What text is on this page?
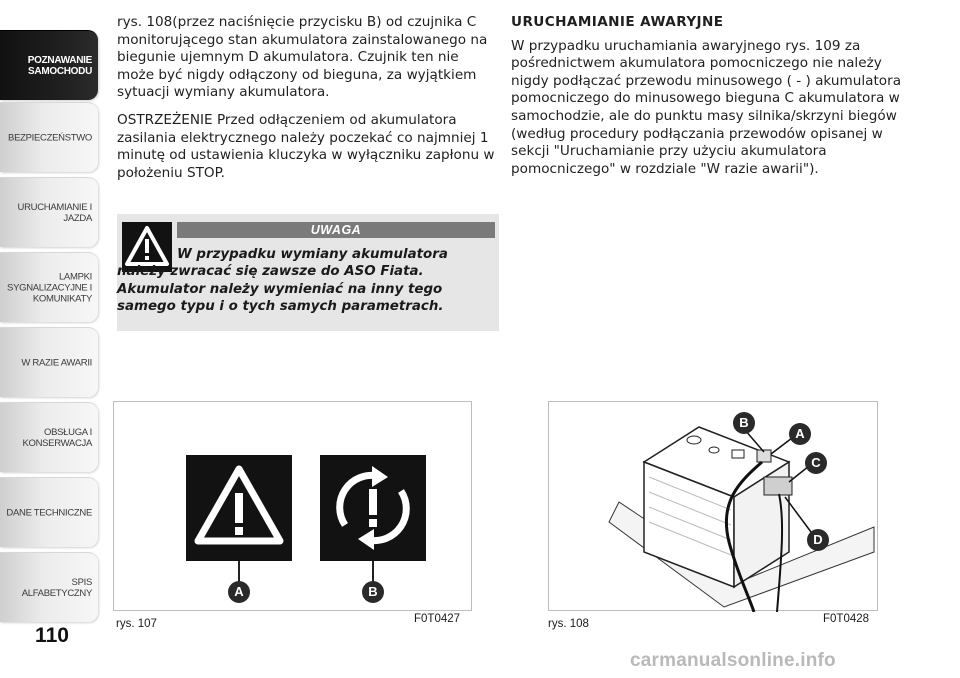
POZNAWANIE SAMOCHODU
BEZPIECZEŃSTWO
URUCHAMIANIE I JAZDA
LAMPKI SYGNALIZACYJNE I KOMUNIKATY
W RAZIE AWARII
OBSŁUGA I KONSERWACJA
DANE TECHNICZNE
SPIS ALFABETYCZNY
110

rys. 108(przez naciśnięcie przycisku B) od czujnika C monitorującego stan akumulatora zainstalowanego na biegunie ujemnym D akumulatora. Czujnik ten nie może być nigdy odłączony od bieguna, za wyjątkiem sytuacji wymiany akumulatora.

OSTRZEŻENIE Przed odłączeniem od akumulatora zasilania elektrycznego należy poczekać co najmniej 1 minutę od ustawienia kluczyka w wyłączniku zapłonu w położeniu STOP.

UWAGA
W przypadku wymiany akumulatora należy zwracać się zawsze do ASO Fiata. Akumulator należy wymieniać na inny tego samego typu i o tych samych parametrach.
URUCHAMIANIE AWARYJNE

W przypadku uruchamiania awaryjnego rys. 109 za pośrednictwem akumulatora pomocniczego nie należy nigdy podłączać przewodu minusowego ( - ) akumulatora pomocniczego do minusowego bieguna C akumulatora w samochodzie, ale do punktu masy silnika/skrzyni biegów (według procedury podłączania przewodów opisanej w sekcji "Uruchamianie przy użyciu akumulatora pomocniczego" w rozdziale "W razie awarii").

A	B
rys. 107	F0T0427
B
A
C
D
rys. 108	F0T0428
carmanualsonline.info
